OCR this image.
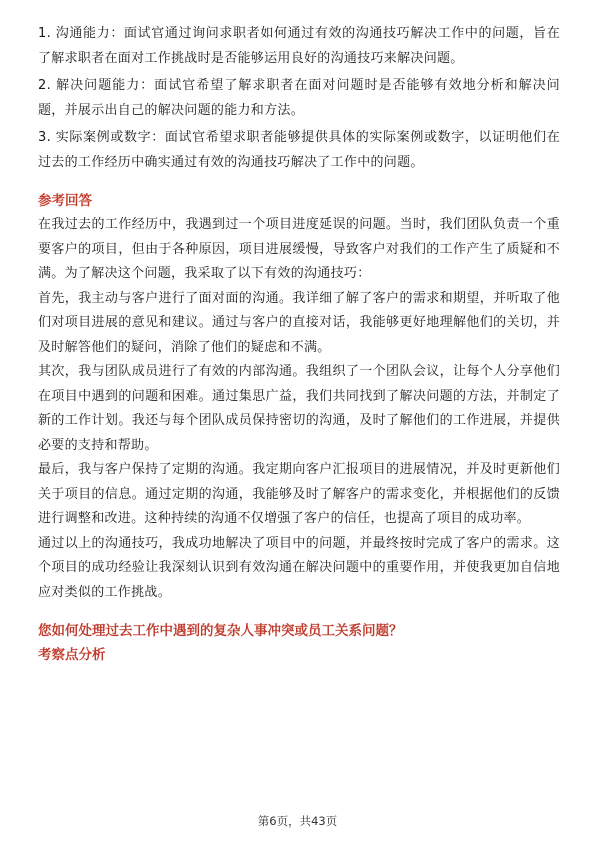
1. 沟通能力：面试官通过询问求职者如何通过有效的沟通技巧解决工作中的问题，旨在了解求职者在面对工作挑战时是否能够运用良好的沟通技巧来解决问题。

2. 解决问题能力：面试官希望了解求职者在面对问题时是否能够有效地分析和解决问题，并展示出自己的解决问题的能力和方法。

3. 实际案例或数字：面试官希望求职者能够提供具体的实际案例或数字，以证明他们在过去的工作经历中确实通过有效的沟通技巧解决了工作中的问题。

参考回答

在我过去的工作经历中，我遇到过一个项目进度延误的问题。当时，我们团队负责一个重要客户的项目，但由于各种原因，项目进展缓慢，导致客户对我们的工作产生了质疑和不满。为了解决这个问题，我采取了以下有效的沟通技巧：

首先，我主动与客户进行了面对面的沟通。我详细了解了客户的需求和期望，并听取了他们对项目进展的意见和建议。通过与客户的直接对话，我能够更好地理解他们的关切，并及时解答他们的疑问，消除了他们的疑虑和不满。

其次，我与团队成员进行了有效的内部沟通。我组织了一个团队会议，让每个人分享他们在项目中遇到的问题和困难。通过集思广益，我们共同找到了解决问题的方法，并制定了新的工作计划。我还与每个团队成员保持密切的沟通，及时了解他们的工作进展，并提供必要的支持和帮助。

最后，我与客户保持了定期的沟通。我定期向客户汇报项目的进展情况，并及时更新他们关于项目的信息。通过定期的沟通，我能够及时了解客户的需求变化，并根据他们的反馈进行调整和改进。这种持续的沟通不仅增强了客户的信任，也提高了项目的成功率。

通过以上的沟通技巧，我成功地解决了项目中的问题，并最终按时完成了客户的需求。这个项目的成功经验让我深刻认识到有效沟通在解决问题中的重要作用，并使我更加自信地应对类似的工作挑战。

您如何处理过去工作中遇到的复杂人事冲突或员工关系问题？

考察点分析

第6页，共43页
